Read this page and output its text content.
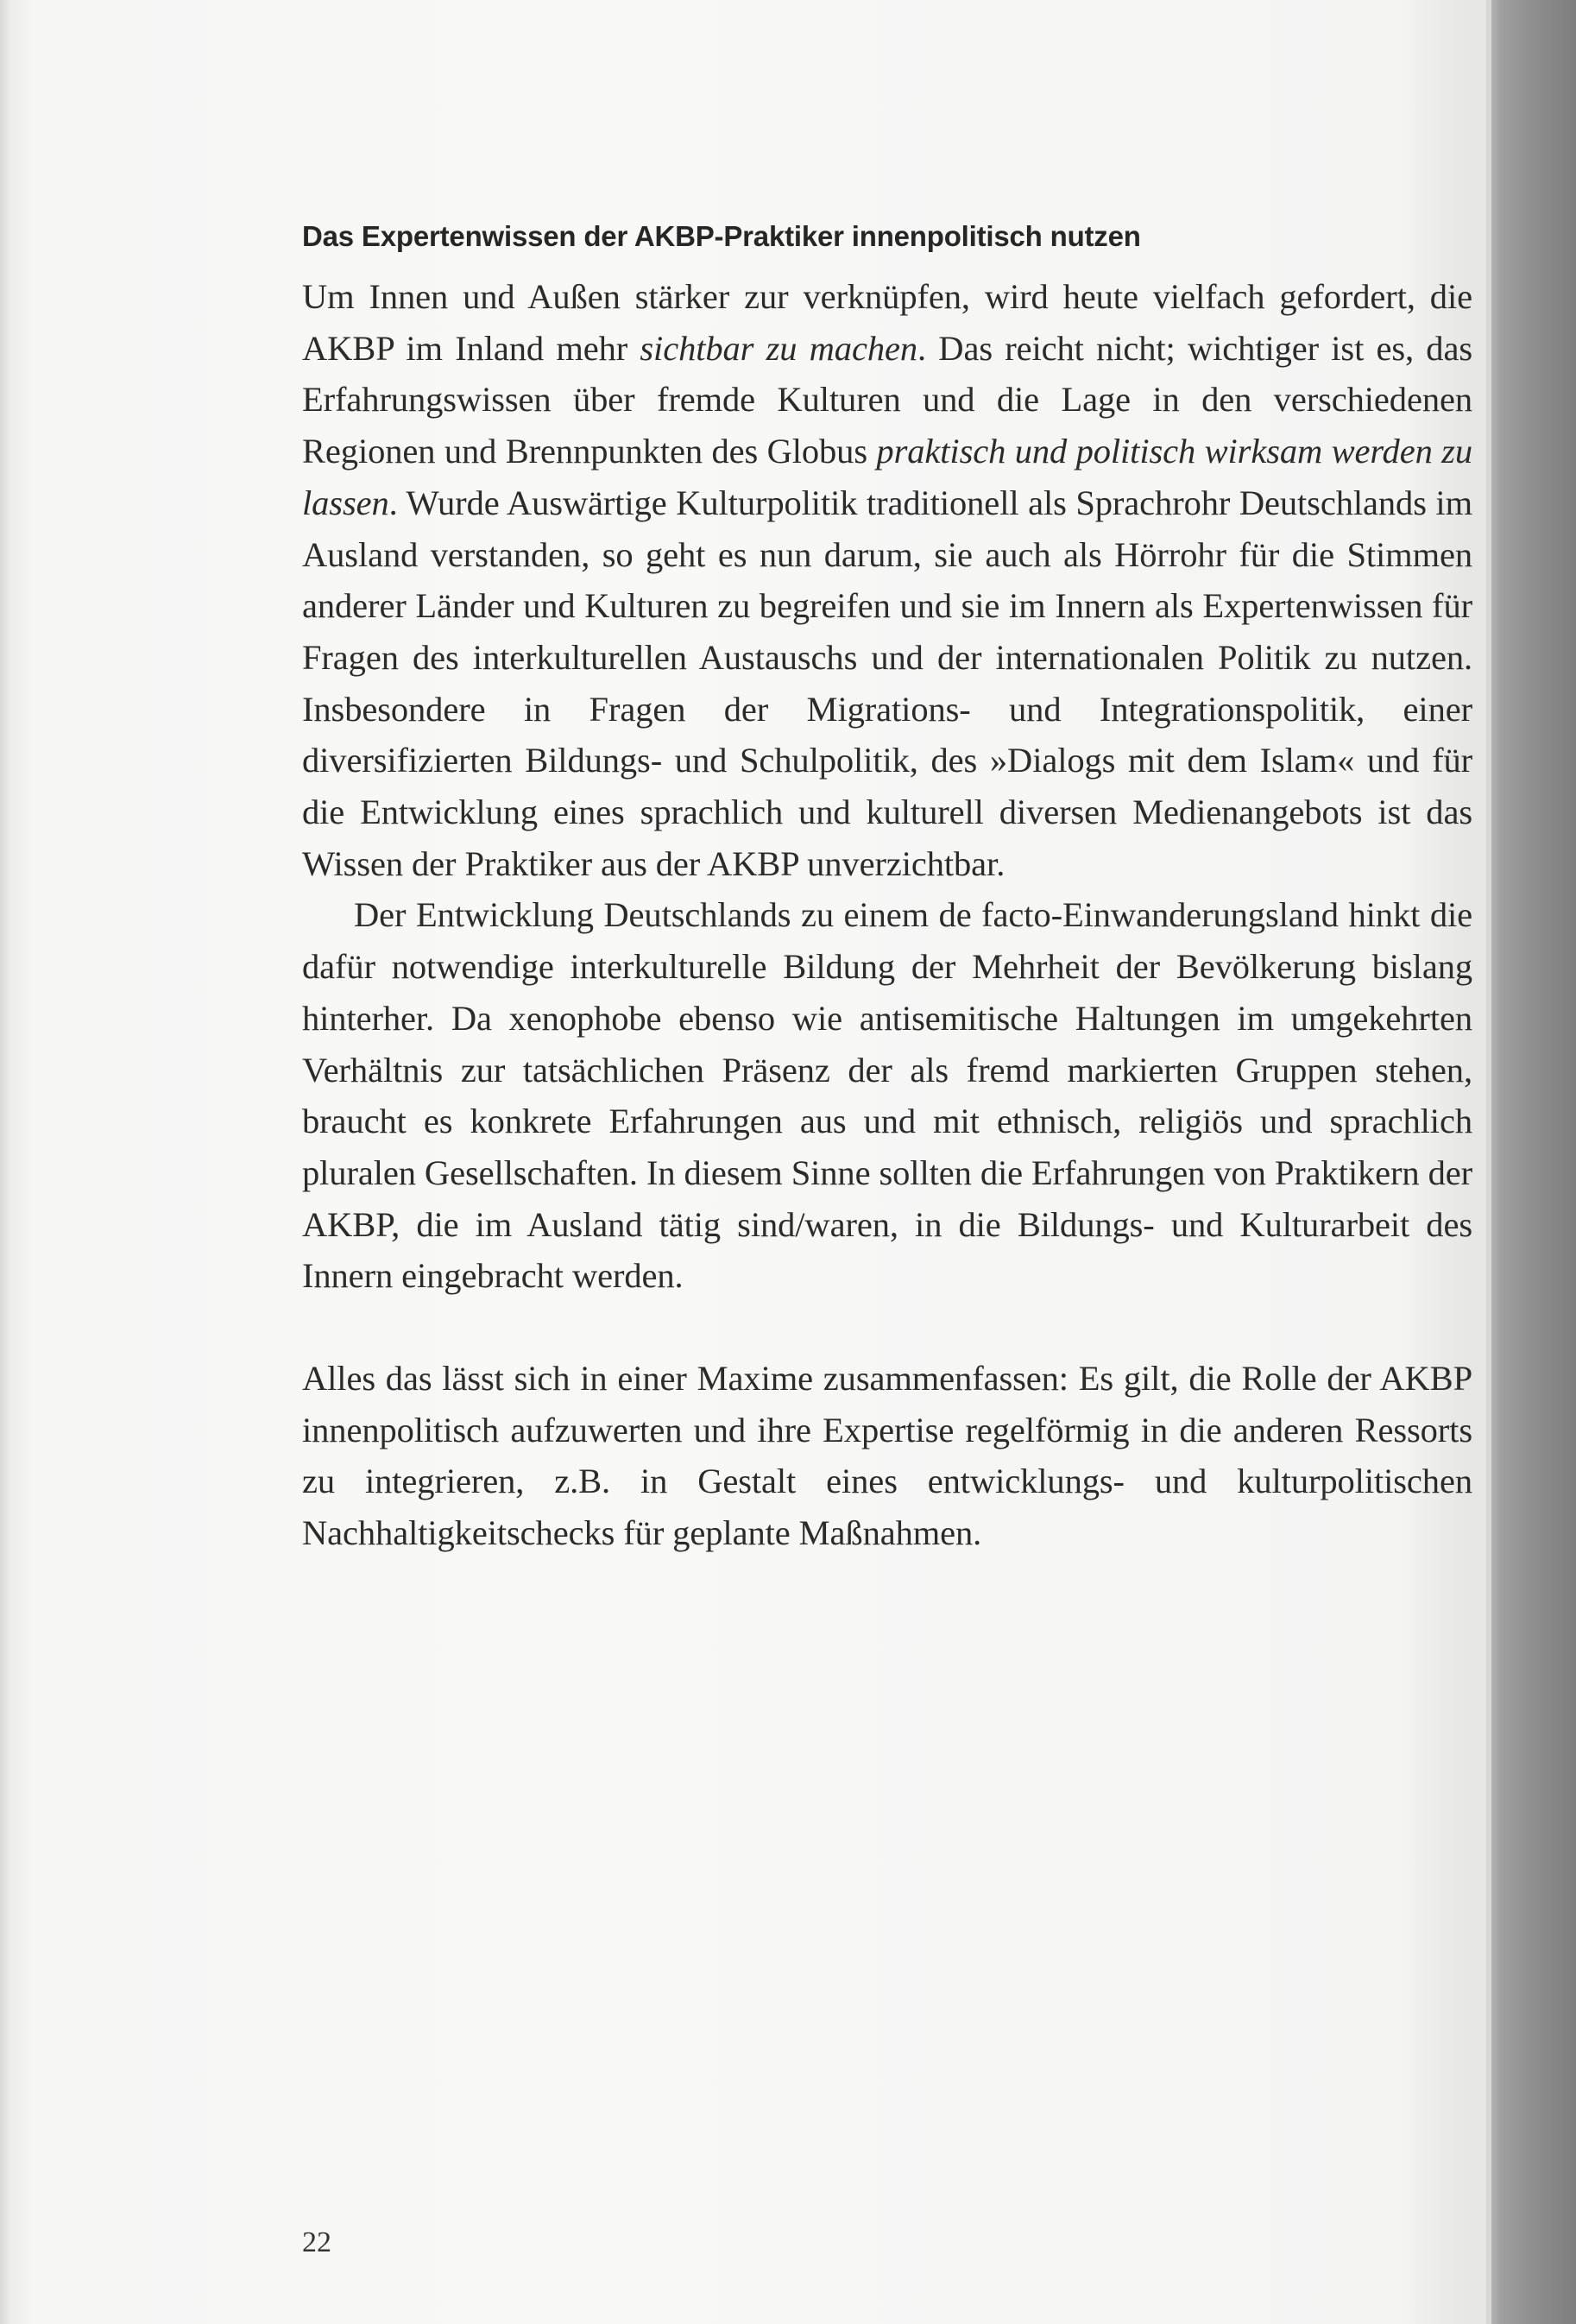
Das Expertenwissen der AKBP-Praktiker innenpolitisch nutzen

Um Innen und Außen stärker zur verknüpfen, wird heute vielfach gefordert, die AKBP im Inland mehr sichtbar zu machen. Das reicht nicht; wichtiger ist es, das Erfahrungswissen über fremde Kulturen und die Lage in den verschiedenen Regionen und Brennpunkten des Globus praktisch und politisch wirksam werden zu lassen. Wurde Auswärtige Kulturpolitik traditionell als Sprachrohr Deutschlands im Ausland verstanden, so geht es nun darum, sie auch als Hörrohr für die Stimmen anderer Länder und Kulturen zu begreifen und sie im Innern als Expertenwissen für Fragen des interkulturellen Austauschs und der internationalen Politik zu nutzen. Insbesondere in Fragen der Migrations- und Integrationspolitik, einer diversifizierten Bildungs- und Schulpolitik, des »Dialogs mit dem Islam« und für die Entwicklung eines sprachlich und kulturell diversen Medienangebots ist das Wissen der Praktiker aus der AKBP unverzichtbar.

Der Entwicklung Deutschlands zu einem de facto-Einwanderungsland hinkt die dafür notwendige interkulturelle Bildung der Mehrheit der Bevölkerung bislang hinterher. Da xenophobe ebenso wie antisemitische Haltungen im umgekehrten Verhältnis zur tatsächlichen Präsenz der als fremd markierten Gruppen stehen, braucht es konkrete Erfahrungen aus und mit ethnisch, religiös und sprachlich pluralen Gesellschaften. In diesem Sinne sollten die Erfahrungen von Praktikern der AKBP, die im Ausland tätig sind/waren, in die Bildungs- und Kulturarbeit des Innern eingebracht werden.

Alles das lässt sich in einer Maxime zusammenfassen: Es gilt, die Rolle der AKBP innenpolitisch aufzuwerten und ihre Expertise regelförmig in die anderen Ressorts zu integrieren, z.B. in Gestalt eines entwicklungs- und kulturpolitischen Nachhaltigkeitschecks für geplante Maßnahmen.

22
